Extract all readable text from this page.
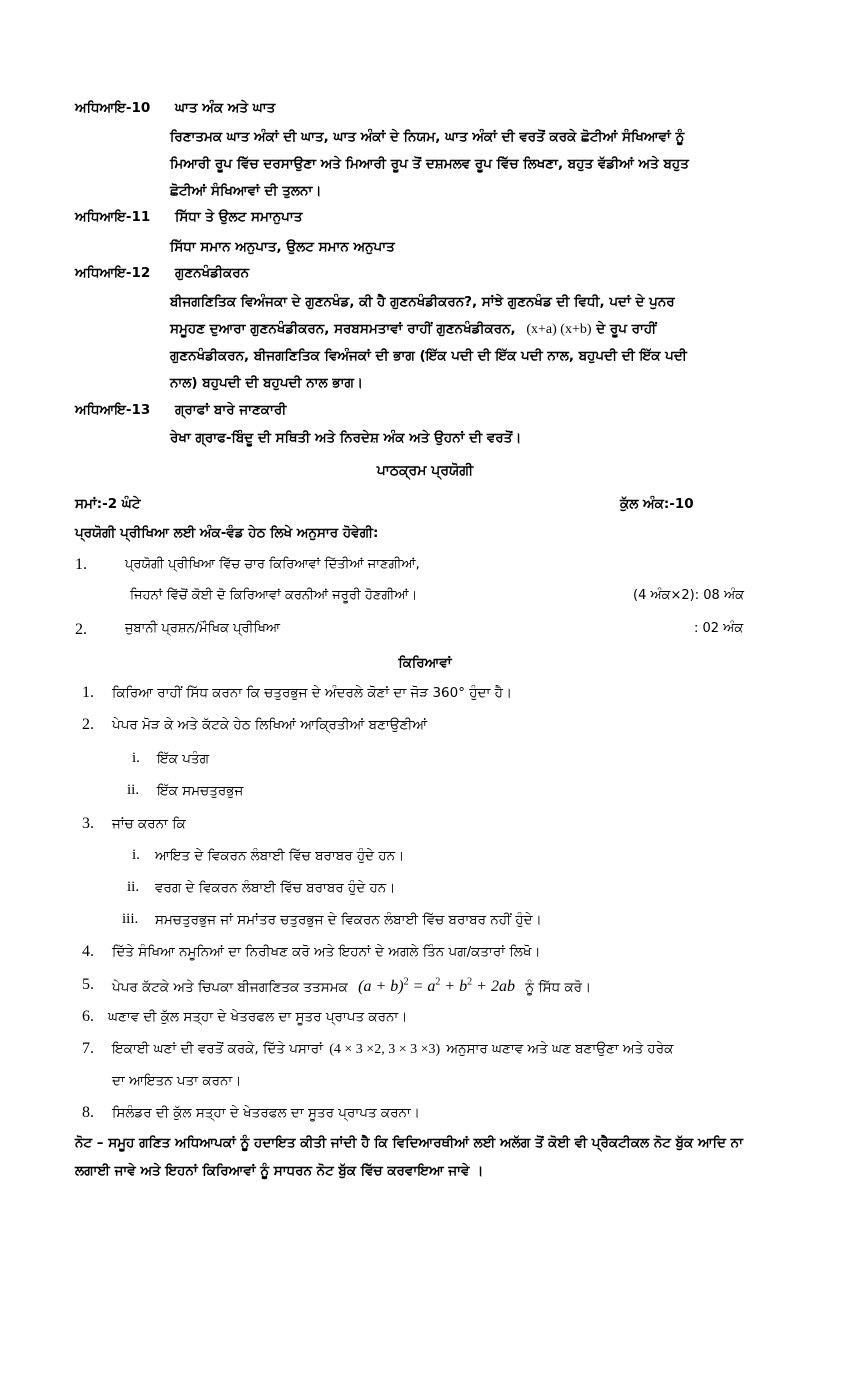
ਅਧਿਆਇ-10 ਘਾਤ ਅੰਕ ਅਤੇ ਘਾਤ
ਰਿਣਾਤਮਕ ਘਾਤ ਅੰਕਾਂ ਦੀ ਘਾਤ, ਘਾਤ ਅੰਕਾਂ ਦੇ ਨਿਯਮ, ਘਾਤ ਅੰਕਾਂ ਦੀ ਵਰਤੋਂ ਕਰਕੇ ਛੋਟੀਆਂ ਸੰਖਿਆਵਾਂ ਨੂੰ
ਮਿਆਰੀ ਰੂਪ ਵਿੱਚ ਦਰਸਾਉਣਾ ਅਤੇ ਮਿਆਰੀ ਰੂਪ ਤੋਂ ਦਸ਼ਮਲਵ ਰੂਪ ਵਿੱਚ ਲਿਖਣਾ, ਬਹੁਤ ਵੱਡੀਆਂ ਅਤੇ ਬਹੁਤ
ਛੋਟੀਆਂ ਸੰਖਿਆਵਾਂ ਦੀ ਤੁਲਨਾ।
ਅਧਿਆਇ-11 ਸਿੱਧਾ ਤੇ ਉਲਟ ਸਮਾਨੁਪਾਤ
ਸਿੱਧਾ ਸਮਾਨ ਅਨੁਪਾਤ, ਉਲਟ ਸਮਾਨ ਅਨੁਪਾਤ
ਅਧਿਆਇ-12 ਗੁਣਨਖੰਡੀਕਰਨ
ਬੀਜਗਣਿਤਿਕ ਵਿਅੰਜਕਾ ਦੇ ਗੁਣਨਖੰਡ, ਕੀ ਹੈ ਗੁਣਨਖੰਡੀਕਰਨ?, ਸਾਂਝੇ ਗੁਣਨਖੰਡ ਦੀ ਵਿਧੀ, ਪਦਾਂ ਦੇ ਪੁਨਰ
ਸਮੂਹਣ ਦੁਆਰਾ ਗੁਣਨਖੰਡੀਕਰਨ, ਸਰਬਸਮਤਾਵਾਂ ਰਾਹੀਂ ਗੁਣਨਖੰਡੀਕਰਨ, (x+a) (x+b) ਦੇ ਰੂਪ ਰਾਹੀਂ
ਗੁਣਨਖੰਡੀਕਰਨ, ਬੀਜਗਣਿਤਿਕ ਵਿਅੰਜਕਾਂ ਦੀ ਭਾਗ (ਇੱਕ ਪਦੀ ਦੀ ਇੱਕ ਪਦੀ ਨਾਲ, ਬਹੁਪਦੀ ਦੀ ਇੱਕ ਪਦੀ
ਨਾਲ) ਬਹੁਪਦੀ ਦੀ ਬਹੁਪਦੀ ਨਾਲ ਭਾਗ।
ਅਧਿਆਇ-13 ਗ੍ਰਾਫਾਂ ਬਾਰੇ ਜਾਣਕਾਰੀ
ਰੇਖਾ ਗ੍ਰਾਫ-ਬਿੰਦੂ ਦੀ ਸਥਿਤੀ ਅਤੇ ਨਿਰਦੇਸ਼ ਅੰਕ ਅਤੇ ਉਹਨਾਂ ਦੀ ਵਰਤੋਂ।
ਪਾਠਕ੍ਰਮ ਪ੍ਰਯੋਗੀ
ਸਮਾਂ:-2 ਘੰਟੇ	ਕੁੱਲ ਅੰਕ:-10
ਪ੍ਰਯੋਗੀ ਪ੍ਰੀਖਿਆ ਲਈ ਅੰਕ-ਵੰਡ ਹੇਠ ਲਿਖੇ ਅਨੁਸਾਰ ਹੋਵੇਗੀ:
1.	ਪ੍ਰਯੋਗੀ ਪ੍ਰੀਖਿਆ ਵਿੱਚ ਚਾਰ ਕਿਰਿਆਵਾਂ ਦਿੱਤੀਆਂ ਜਾਣਗੀਆਂ,
ਜਿਹਨਾਂ ਵਿੱਚੋਂ ਕੋਈ ਦੋ ਕਿਰਿਆਵਾਂ ਕਰਨੀਆਂ ਜਰੂਰੀ ਹੋਣਗੀਆਂ।	(4 ਅੰਕ×2): 08 ਅੰਕ
2.	ਜੁਬਾਨੀ ਪ੍ਰਸ਼ਨ/ਮੌਖਿਕ ਪ੍ਰੀਖਿਆ	: 02 ਅੰਕ
ਕਿਰਿਆਵਾਂ
1. ਕਿਰਿਆ ਰਾਹੀਂ ਸਿੱਧ ਕਰਨਾ ਕਿ ਚਤੁਰਭੁਜ ਦੇ ਅੰਦਰਲੇ ਕੋਣਾਂ ਦਾ ਜੋੜ 360° ਹੁੰਦਾ ਹੈ।
2. ਪੇਪਰ ਮੋੜ ਕੇ ਅਤੇ ਕੱਟਕੇ ਹੇਠ ਲਿਖਿਆਂ ਆਕ੍ਰਿਤੀਆਂ ਬਣਾਉਣੀਆਂ
i. ਇੱਕ ਪਤੰਗ
ii. ਇੱਕ ਸਮਚਤੁਰਭੁਜ
3. ਜਾਂਚ ਕਰਨਾ ਕਿ
i. ਆਇਤ ਦੇ ਵਿਕਰਨ ਲੰਬਾਈ ਵਿੱਚ ਬਰਾਬਰ ਹੁੰਦੇ ਹਨ।
ii. ਵਰਗ ਦੇ ਵਿਕਰਨ ਲੰਬਾਈ ਵਿੱਚ ਬਰਾਬਰ ਹੁੰਦੇ ਹਨ।
iii. ਸਮਚਤੁਰਭੁਜ ਜਾਂ ਸਮਾਂਤਰ ਚਤੁਰਭੁਜ ਦੇ ਵਿਕਰਨ ਲੰਬਾਈ ਵਿੱਚ ਬਰਾਬਰ ਨਹੀਂ ਹੁੰਦੇ।
4. ਦਿੱਤੇ ਸੰਖਿਆ ਨਮੂਨਿਆਂ ਦਾ ਨਿਰੀਖਣ ਕਰੋ ਅਤੇ ਇਹਨਾਂ ਦੇ ਅਗਲੇ ਤਿੰਨ ਪਗ/ਕਤਾਰਾਂ ਲਿਖੋ।
5. ਪੇਪਰ ਕੱਟਕੇ ਅਤੇ ਚਿਪਕਾ ਬੀਜਗਣਿਤਕ ਤਤਸਮਕ $(a + b)^2 = a^2 + b^2 + 2ab$ ਨੂੰ ਸਿੱਧ ਕਰੋ।
6. ਘਣਾਵ ਦੀ ਕੁੱਲ ਸਤ੍ਹਾ ਦੇ ਖੇਤਰਫਲ ਦਾ ਸੂਤਰ ਪ੍ਰਾਪਤ ਕਰਨਾ।
7. ਇਕਾਈ ਘਣਾਂ ਦੀ ਵਰਤੋਂ ਕਰਕੇ, ਦਿੱਤੇ ਪਸਾਰਾਂ (4 × 3 ×2, 3 × 3 ×3) ਅਨੁਸਾਰ ਘਣਾਵ ਅਤੇ ਘਣ ਬਣਾਉਣਾ ਅਤੇ ਹਰੇਕ
ਦਾ ਆਇਤਨ ਪਤਾ ਕਰਨਾ।
8. ਸਿਲੰਡਰ ਦੀ ਕੁੱਲ ਸਤ੍ਹਾ ਦੇ ਖੇਤਰਫਲ ਦਾ ਸੂਤਰ ਪ੍ਰਾਪਤ ਕਰਨਾ।
ਨੋਟ – ਸਮੂਹ ਗਣਿਤ ਅਧਿਆਪਕਾਂ ਨੂੰ ਹਦਾਇਤ ਕੀਤੀ ਜਾਂਦੀ ਹੈ ਕਿ ਵਿਦਿਆਰਥੀਆਂ ਲਈ ਅਲੱਗ ਤੋਂ ਕੋਈ ਵੀ ਪ੍ਰੈਕਟੀਕਲ ਨੋਟ ਬੁੱਕ ਆਦਿ ਨਾ
ਲਗਾਈ ਜਾਵੇ ਅਤੇ ਇਹਨਾਂ ਕਿਰਿਆਵਾਂ ਨੂੰ ਸਾਧਰਨ ਨੋਟ ਬੁੱਕ ਵਿੱਚ ਕਰਵਾਇਆ ਜਾਵੇ ।
